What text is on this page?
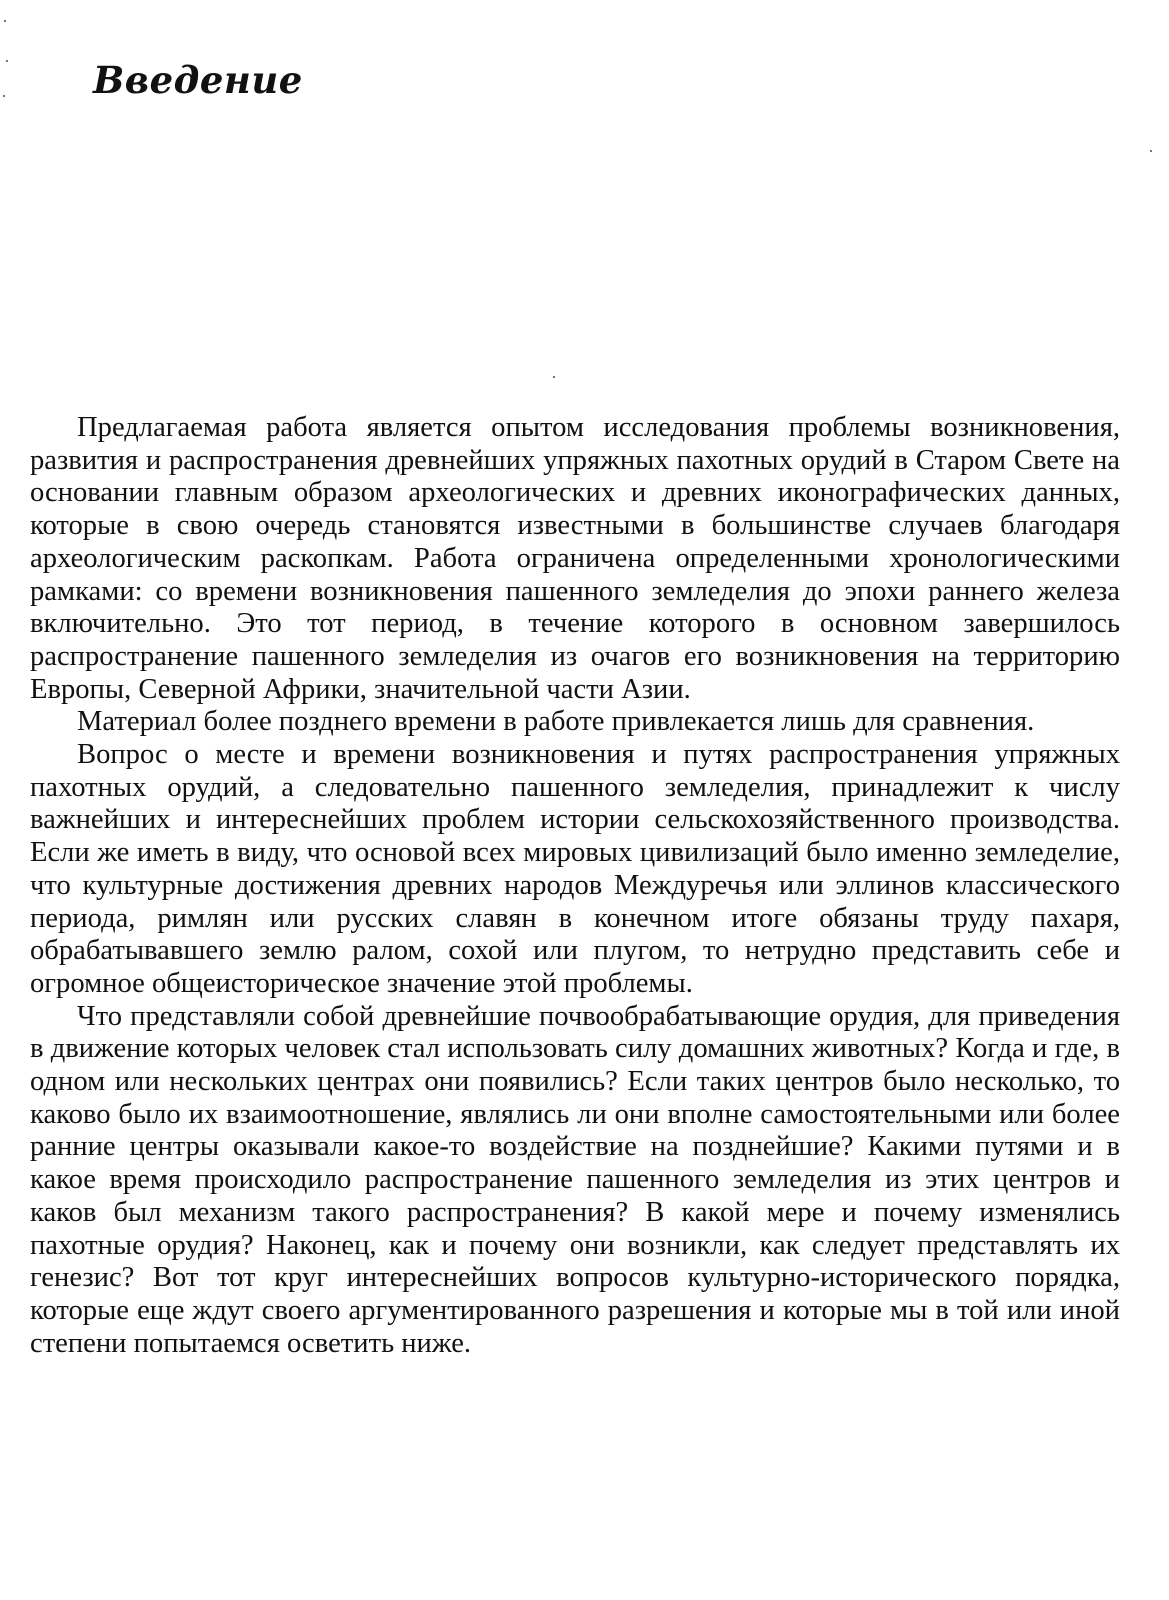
Введение

Предлагаемая работа является опытом исследования проблемы возникновения, развития и распространения древнейших упряжных пахотных орудий в Старом Свете на основании главным образом археологических и древних иконографических данных, которые в свою очередь становятся известными в большинстве случаев благодаря археологическим раскопкам. Работа ограничена определенными хронологическими рамками: со времени возникновения пашенного земледелия до эпохи раннего железа включительно. Это тот период, в течение которого в основном завершилось распространение пашенного земледелия из очагов его возникновения на территорию Европы, Северной Африки, значительной части Азии.

Материал более позднего времени в работе привлекается лишь для сравнения.

Вопрос о месте и времени возникновения и путях распространения упряжных пахотных орудий, а следовательно пашенного земледелия, принадлежит к числу важнейших и интереснейших проблем истории сельскохозяйственного производства. Если же иметь в виду, что основой всех мировых цивилизаций было именно земледелие, что культурные достижения древних народов Междуречья или эллинов классического периода, римлян или русских славян в конечном итоге обязаны труду пахаря, обрабатывавшего землю ралом, сохой или плугом, то нетрудно представить себе и огромное общеисторическое значение этой проблемы.

Что представляли собой древнейшие почвообрабатывающие орудия, для приведения в движение которых человек стал использовать силу домашних животных? Когда и где, в одном или нескольких центрах они появились? Если таких центров было несколько, то каково было их взаимоотношение, являлись ли они вполне самостоятельными или более ранние центры оказывали какое-то воздействие на позднейшие? Какими путями и в какое время происходило распространение пашенного земледелия из этих центров и каков был механизм такого распространения? В какой мере и почему изменялись пахотные орудия? Наконец, как и почему они возникли, как следует представлять их генезис? Вот тот круг интереснейших вопросов культурно-исторического порядка, которые еще ждут своего аргументированного разрешения и которые мы в той или иной степени попытаемся осветить ниже.
